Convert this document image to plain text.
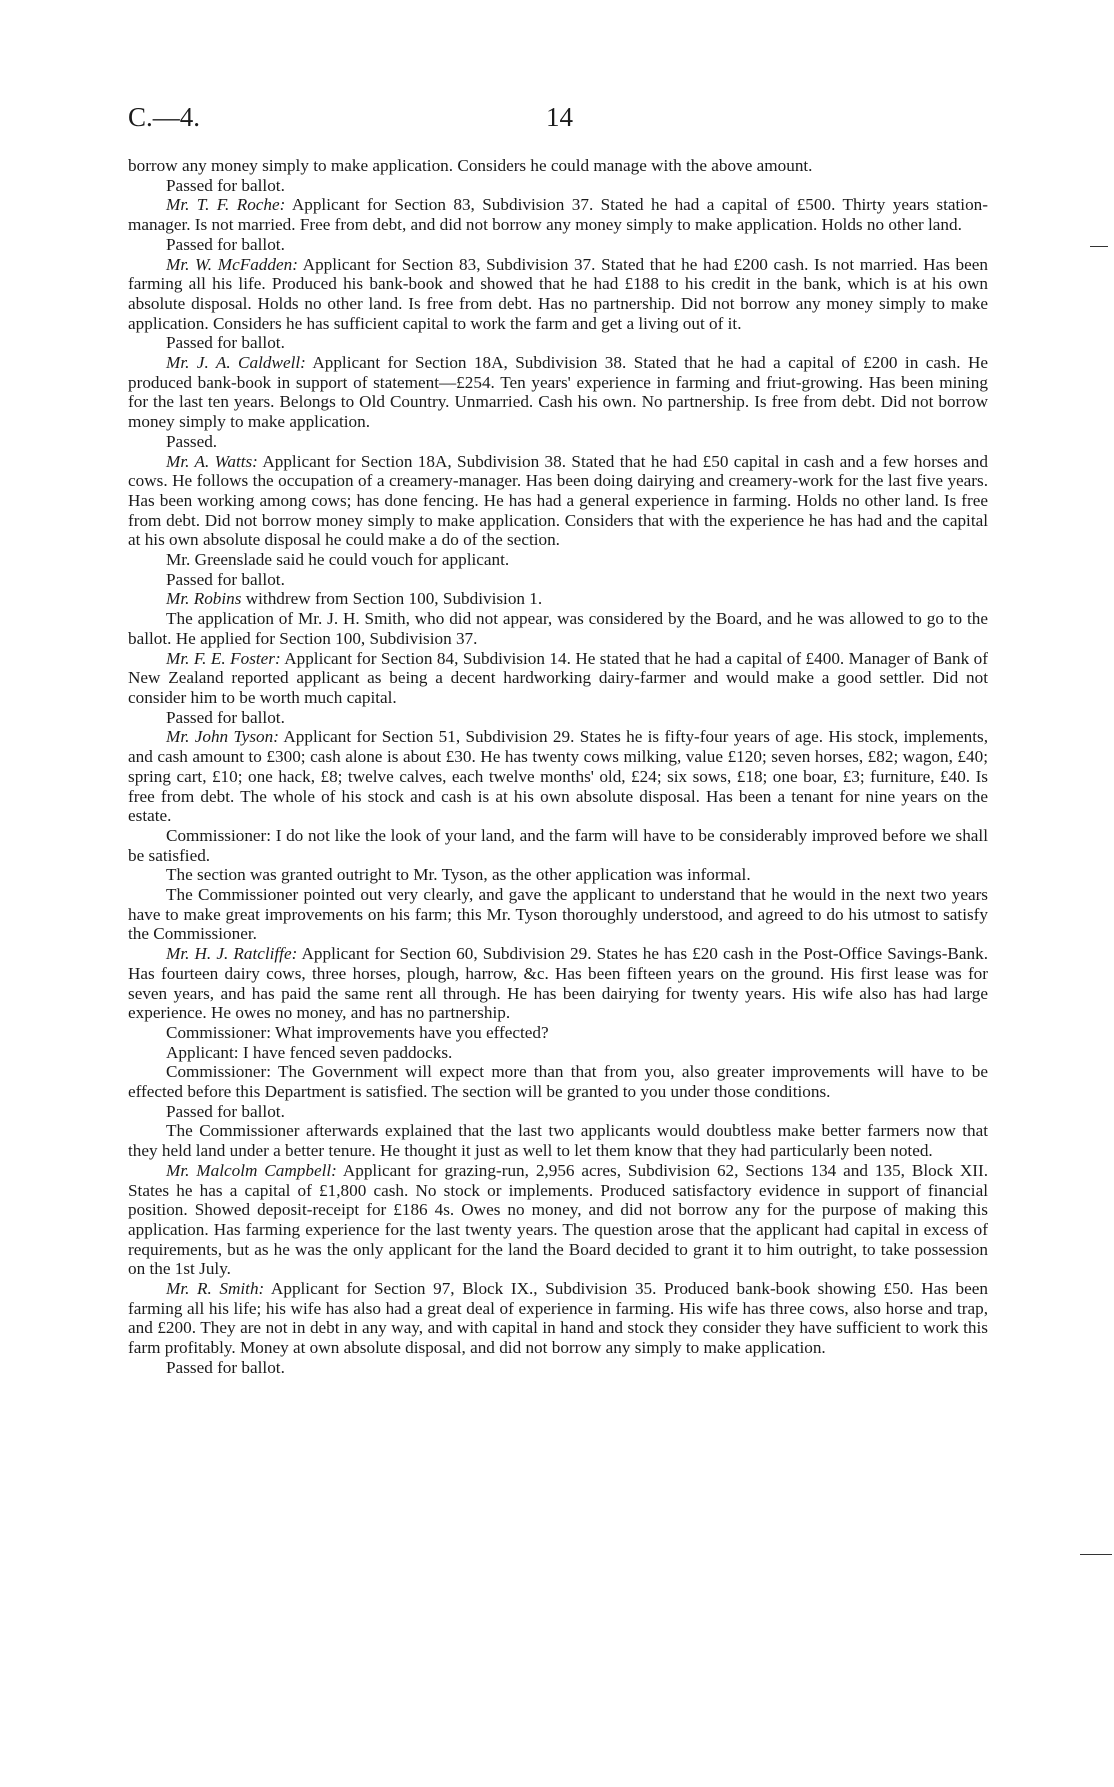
C.—4.	14

borrow any money simply to make application. Considers he could manage with the above amount.

Passed for ballot.

Mr. T. F. Roche: Applicant for Section 83, Subdivision 37. Stated he had a capital of £500. Thirty years station-manager. Is not married. Free from debt, and did not borrow any money simply to make application. Holds no other land.

Passed for ballot.

Mr. W. McFadden: Applicant for Section 83, Subdivision 37. Stated that he had £200 cash. Is not married. Has been farming all his life. Produced his bank-book and showed that he had £188 to his credit in the bank, which is at his own absolute disposal. Holds no other land. Is free from debt. Has no partnership. Did not borrow any money simply to make application. Considers he has sufficient capital to work the farm and get a living out of it.

Passed for ballot.

Mr. J. A. Caldwell: Applicant for Section 18A, Subdivision 38. Stated that he had a capital of £200 in cash. He produced bank-book in support of statement—£254. Ten years' experience in farming and friut-growing. Has been mining for the last ten years. Belongs to Old Country. Unmarried. Cash his own. No partnership. Is free from debt. Did not borrow money simply to make application.

Passed.

Mr. A. Watts: Applicant for Section 18A, Subdivision 38. Stated that he had £50 capital in cash and a few horses and cows. He follows the occupation of a creamery-manager. Has been doing dairying and creamery-work for the last five years. Has been working among cows; has done fencing. He has had a general experience in farming. Holds no other land. Is free from debt. Did not borrow money simply to make application. Considers that with the experience he has had and the capital at his own absolute disposal he could make a do of the section.

Mr. Greenslade said he could vouch for applicant.

Passed for ballot.

Mr. Robins withdrew from Section 100, Subdivision 1.

The application of Mr. J. H. Smith, who did not appear, was considered by the Board, and he was allowed to go to the ballot. He applied for Section 100, Subdivision 37.

Mr. F. E. Foster: Applicant for Section 84, Subdivision 14. He stated that he had a capital of £400. Manager of Bank of New Zealand reported applicant as being a decent hardworking dairy-farmer and would make a good settler. Did not consider him to be worth much capital.

Passed for ballot.

Mr. John Tyson: Applicant for Section 51, Subdivision 29. States he is fifty-four years of age. His stock, implements, and cash amount to £300; cash alone is about £30. He has twenty cows milking, value £120; seven horses, £82; wagon, £40; spring cart, £10; one hack, £8; twelve calves, each twelve months' old, £24; six sows, £18; one boar, £3; furniture, £40. Is free from debt. The whole of his stock and cash is at his own absolute disposal. Has been a tenant for nine years on the estate.

Commissioner: I do not like the look of your land, and the farm will have to be considerably improved before we shall be satisfied.

The section was granted outright to Mr. Tyson, as the other application was informal.

The Commissioner pointed out very clearly, and gave the applicant to understand that he would in the next two years have to make great improvements on his farm; this Mr. Tyson thoroughly understood, and agreed to do his utmost to satisfy the Commissioner.

Mr. H. J. Ratcliffe: Applicant for Section 60, Subdivision 29. States he has £20 cash in the Post-Office Savings-Bank. Has fourteen dairy cows, three horses, plough, harrow, &c. Has been fifteen years on the ground. His first lease was for seven years, and has paid the same rent all through. He has been dairying for twenty years. His wife also has had large experience. He owes no money, and has no partnership.

Commissioner: What improvements have you effected?

Applicant: I have fenced seven paddocks.

Commissioner: The Government will expect more than that from you, also greater improvements will have to be effected before this Department is satisfied. The section will be granted to you under those conditions.

Passed for ballot.

The Commissioner afterwards explained that the last two applicants would doubtless make better farmers now that they held land under a better tenure. He thought it just as well to let them know that they had particularly been noted.

Mr. Malcolm Campbell: Applicant for grazing-run, 2,956 acres, Subdivision 62, Sections 134 and 135, Block XII. States he has a capital of £1,800 cash. No stock or implements. Produced satisfactory evidence in support of financial position. Showed deposit-receipt for £186 4s. Owes no money, and did not borrow any for the purpose of making this application. Has farming experience for the last twenty years. The question arose that the applicant had capital in excess of requirements, but as he was the only applicant for the land the Board decided to grant it to him outright, to take possession on the 1st July.

Mr. R. Smith: Applicant for Section 97, Block IX., Subdivision 35. Produced bank-book showing £50. Has been farming all his life; his wife has also had a great deal of experience in farming. His wife has three cows, also horse and trap, and £200. They are not in debt in any way, and with capital in hand and stock they consider they have sufficient to work this farm profitably. Money at own absolute disposal, and did not borrow any simply to make application.

Passed for ballot.
